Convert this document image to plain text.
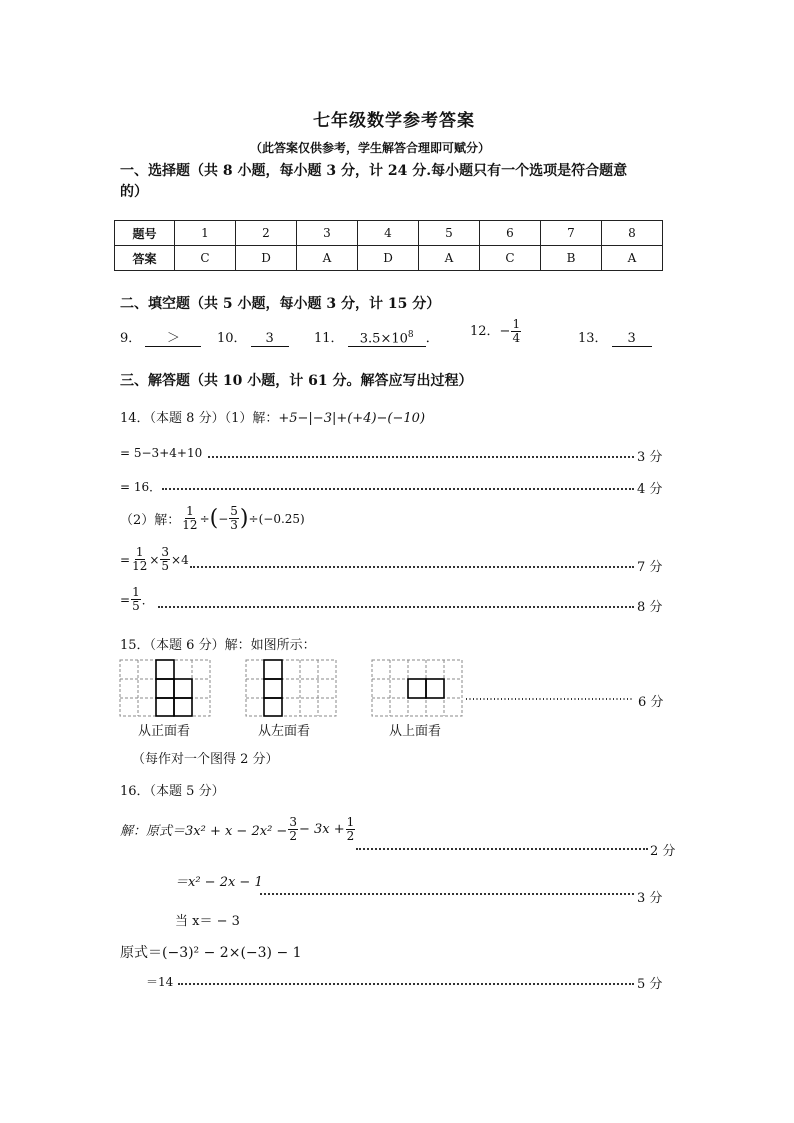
七年级数学参考答案
（此答案仅供参考，学生解答合理即可赋分）
一、选择题（共 8 小题，每小题 3 分，计 24 分.每小题只有一个选项是符合题意
的）
题号	1	2	3	4	5	6	7	8
答案	C	D	A	D	A	C	B	A
二、填空题（共 5 小题，每小题 3 分，计 15 分）
9． ＞	10． 3	11． $3.5\times 10^8$ ． 12．− $\frac{1}{4}$	13． 3
三、解答题（共 10 小题，计 61 分。解答应写出过程）
14．（本题 8 分）（1）解：+5−|−3|+(+4)−(−10)
= 5−3+4+10	3 分
= 16．	4 分
（2）解： $\frac{1}{12}$ ÷ ( − $\frac{5}{3}$ ) ÷ (−0.25)
= $\frac{1}{12} \times \frac{3}{5} \times 4$
7 分
= $\frac{1}{5}$ ．	8 分
15．（本题 6 分）解：如图所示：
6 分
从正面看	从左面看	从上面看
（每作对一个图得 2 分）
16．（本题 5 分）
解：原式$=3x^2 + x - 2x^2 - \frac{3}{2} - 3x + \frac{1}{2}$
2 分
＝x² − 2x − 1
3 分
当 x＝ − 3
原式＝(−3)² − 2×(−3) − 1
＝14	5 分
